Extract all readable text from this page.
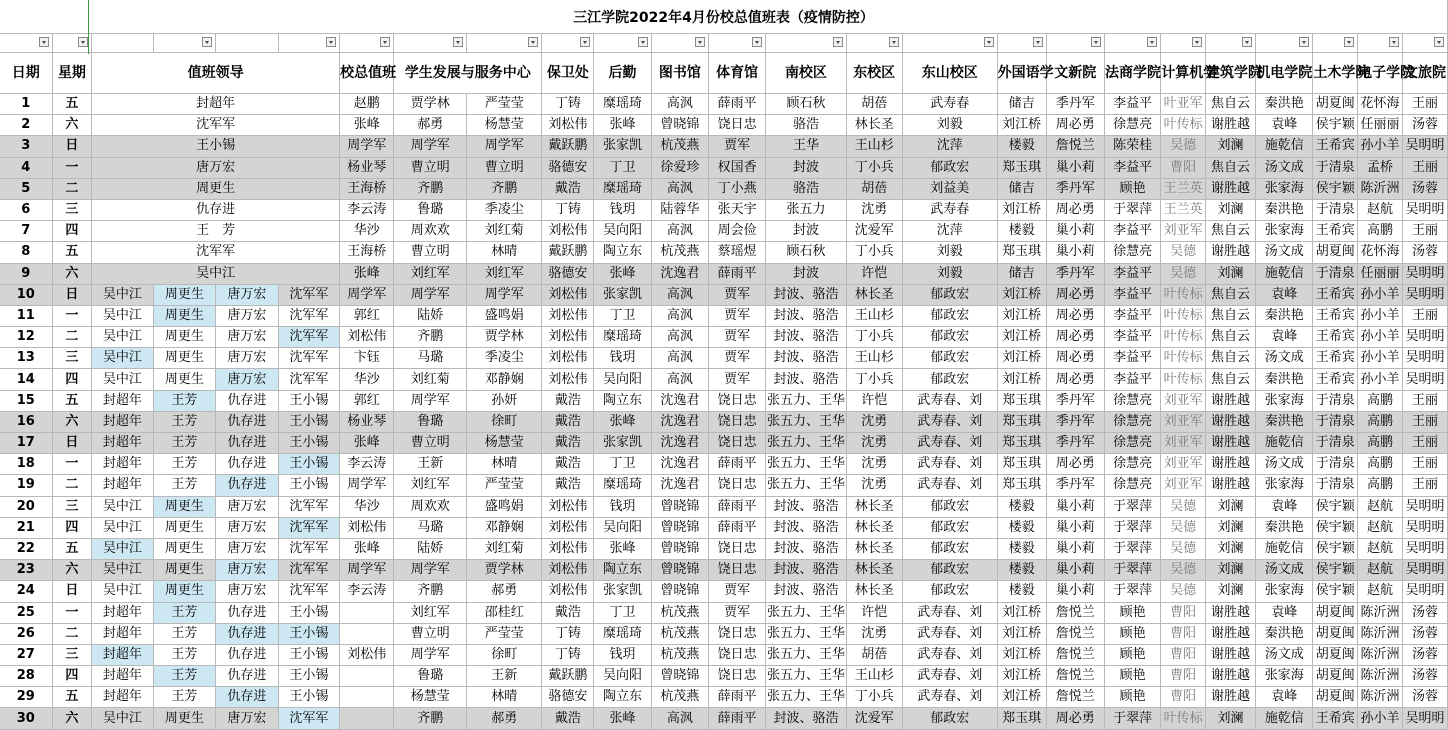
三江学院2022年4月份校总值班表（疫情防控）																								

日期	星期	值班领导				校总值班	学生发展与服务中心		保卫处	后勤	图书馆	体育馆	南校区	东校区	东山校区	外国语学	文新院	法商学院	计算机学	建筑学院	机电学院	土木学院	电子学院	文旅院
1	五	封超年				赵鹏	贾学林	严莹莹	丁铸	糜瑶琦	高沨	薛雨平	顾石秋	胡蓓	武寿春	储吉	季丹军	李益平	叶亚军	焦自云	秦洪艳	胡夏闽	花怀海	王丽
2	六	沈军军				张峰	郝勇	杨慧莹	刘松伟	张峰	曾晓锦	饶日忠	骆浩	林长圣	刘毅	刘江桥	周必勇	徐慧亮	叶传标	谢胜越	袁峰	侯宇颖	任丽丽	汤蓉
3	日	王小锡				周学军	周学军	周学军	戴跃鹏	张家凯	杭茂燕	贾军	王华	王山杉	沈萍	楼毅	詹悦兰	陈荣桂	吴德	刘澜	施乾信	王希宾	孙小羊	吴明明
4	一	唐万宏				杨业琴	曹立明	曹立明	骆德安	丁卫	徐爱珍	权国香	封波	丁小兵	郁政宏	郑玉琪	巢小莉	李益平	曹阳	焦自云	汤文成	于清泉	孟桥	王丽
5	二	周更生				王海桥	齐鹏	齐鹏	戴浩	糜瑶琦	高沨	丁小燕	骆浩	胡蓓	刘益美	储吉	季丹军	顾艳	王兰英	谢胜越	张家海	侯宇颖	陈沂洲	汤蓉
6	三	仇存进				李云涛	鲁璐	季凌尘	丁铸	钱玥	陆蓉华	张天宇	张五力	沈勇	武寿春	刘江桥	周必勇	于翠萍	王兰英	刘澜	秦洪艳	于清泉	赵航	吴明明
7	四	王　芳				华沙	周欢欢	刘红菊	刘松伟	吴向阳	高沨	周会俭	封波	沈爱军	沈萍	楼毅	巢小莉	李益平	刘亚军	焦自云	张家海	王希宾	高鹏	王丽
8	五	沈军军				王海桥	曹立明	林晴	戴跃鹏	陶立东	杭茂燕	蔡瑶煜	顾石秋	丁小兵	刘毅	郑玉琪	巢小莉	徐慧亮	吴德	谢胜越	汤文成	胡夏闽	花怀海	汤蓉
9	六	吴中江				张峰	刘红军	刘红军	骆德安	张峰	沈逸君	薛雨平	封波	许恺	刘毅	储吉	季丹军	李益平	吴德	刘澜	施乾信	于清泉	任丽丽	吴明明
10	日	吴中江	周更生	唐万宏	沈军军	周学军	周学军	周学军	刘松伟	张家凯	高沨	贾军	封波、骆浩	林长圣	郁政宏	刘江桥	周必勇	李益平	叶传标	焦自云	袁峰	王希宾	孙小羊	吴明明
11	一	吴中江	周更生	唐万宏	沈军军	郭红	陆娇	盛鸣娟	刘松伟	丁卫	高沨	贾军	封波、骆浩	王山杉	郁政宏	刘江桥	周必勇	李益平	叶传标	焦自云	秦洪艳	王希宾	孙小羊	王丽
12	二	吴中江	周更生	唐万宏	沈军军	刘松伟	齐鹏	贾学林	刘松伟	糜瑶琦	高沨	贾军	封波、骆浩	丁小兵	郁政宏	刘江桥	周必勇	李益平	叶传标	焦自云	袁峰	王希宾	孙小羊	吴明明
13	三	吴中江	周更生	唐万宏	沈军军	卞钰	马璐	季凌尘	刘松伟	钱玥	高沨	贾军	封波、骆浩	王山杉	郁政宏	刘江桥	周必勇	李益平	叶传标	焦自云	汤文成	王希宾	孙小羊	吴明明
14	四	吴中江	周更生	唐万宏	沈军军	华沙	刘红菊	邓静娴	刘松伟	吴向阳	高沨	贾军	封波、骆浩	丁小兵	郁政宏	刘江桥	周必勇	李益平	叶传标	焦自云	秦洪艳	王希宾	孙小羊	吴明明
15	五	封超年	王芳	仇存进	王小锡	郭红	周学军	孙妍	戴浩	陶立东	沈逸君	饶日忠	张五力、王华	许恺	武寿春、刘	郑玉琪	季丹军	徐慧亮	刘亚军	谢胜越	张家海	于清泉	高鹏	王丽
16	六	封超年	王芳	仇存进	王小锡	杨业琴	鲁璐	徐町	戴浩	张峰	沈逸君	饶日忠	张五力、王华	沈勇	武寿春、刘	郑玉琪	季丹军	徐慧亮	刘亚军	谢胜越	秦洪艳	于清泉	高鹏	王丽
17	日	封超年	王芳	仇存进	王小锡	张峰	曹立明	杨慧莹	戴浩	张家凯	沈逸君	饶日忠	张五力、王华	沈勇	武寿春、刘	郑玉琪	季丹军	徐慧亮	刘亚军	谢胜越	施乾信	于清泉	高鹏	王丽
18	一	封超年	王芳	仇存进	王小锡	李云涛	王新	林晴	戴浩	丁卫	沈逸君	薛雨平	张五力、王华	沈勇	武寿春、刘	郑玉琪	周必勇	徐慧亮	刘亚军	谢胜越	汤文成	于清泉	高鹏	王丽
19	二	封超年	王芳	仇存进	王小锡	周学军	刘红军	严莹莹	戴浩	糜瑶琦	沈逸君	饶日忠	张五力、王华	沈勇	武寿春、刘	郑玉琪	季丹军	徐慧亮	刘亚军	谢胜越	张家海	于清泉	高鹏	王丽
20	三	吴中江	周更生	唐万宏	沈军军	华沙	周欢欢	盛鸣娟	刘松伟	钱玥	曾晓锦	薛雨平	封波、骆浩	林长圣	郁政宏	楼毅	巢小莉	于翠萍	吴德	刘澜	袁峰	侯宇颖	赵航	吴明明
21	四	吴中江	周更生	唐万宏	沈军军	刘松伟	马璐	邓静娴	刘松伟	吴向阳	曾晓锦	薛雨平	封波、骆浩	林长圣	郁政宏	楼毅	巢小莉	于翠萍	吴德	刘澜	秦洪艳	侯宇颖	赵航	吴明明
22	五	吴中江	周更生	唐万宏	沈军军	张峰	陆娇	刘红菊	刘松伟	张峰	曾晓锦	饶日忠	封波、骆浩	林长圣	郁政宏	楼毅	巢小莉	于翠萍	吴德	刘澜	施乾信	侯宇颖	赵航	吴明明
23	六	吴中江	周更生	唐万宏	沈军军	周学军	周学军	贾学林	刘松伟	陶立东	曾晓锦	饶日忠	封波、骆浩	林长圣	郁政宏	楼毅	巢小莉	于翠萍	吴德	刘澜	汤文成	侯宇颖	赵航	吴明明
24	日	吴中江	周更生	唐万宏	沈军军	李云涛	齐鹏	郝勇	刘松伟	张家凯	曾晓锦	贾军	封波、骆浩	林长圣	郁政宏	楼毅	巢小莉	于翠萍	吴德	刘澜	张家海	侯宇颖	赵航	吴明明
25	一	封超年	王芳	仇存进	王小锡		刘红军	邵桂红	戴浩	丁卫	杭茂燕	贾军	张五力、王华	许恺	武寿春、刘	刘江桥	詹悦兰	顾艳	曹阳	谢胜越	袁峰	胡夏闽	陈沂洲	汤蓉
26	二	封超年	王芳	仇存进	王小锡		曹立明	严莹莹	丁铸	糜瑶琦	杭茂燕	饶日忠	张五力、王华	沈勇	武寿春、刘	刘江桥	詹悦兰	顾艳	曹阳	谢胜越	秦洪艳	胡夏闽	陈沂洲	汤蓉
27	三	封超年	王芳	仇存进	王小锡	刘松伟	周学军	徐町	丁铸	钱玥	杭茂燕	饶日忠	张五力、王华	胡蓓	武寿春、刘	刘江桥	詹悦兰	顾艳	曹阳	谢胜越	汤文成	胡夏闽	陈沂洲	汤蓉
28	四	封超年	王芳	仇存进	王小锡		鲁璐	王新	戴跃鹏	吴向阳	曾晓锦	饶日忠	张五力、王华	王山杉	武寿春、刘	刘江桥	詹悦兰	顾艳	曹阳	谢胜越	张家海	胡夏闽	陈沂洲	汤蓉
29	五	封超年	王芳	仇存进	王小锡		杨慧莹	林晴	骆德安	陶立东	杭茂燕	薛雨平	张五力、王华	丁小兵	武寿春、刘	刘江桥	詹悦兰	顾艳	曹阳	谢胜越	袁峰	胡夏闽	陈沂洲	汤蓉
30	六	吴中江	周更生	唐万宏	沈军军		齐鹏	郝勇	戴浩	张峰	高沨	薛雨平	封波、骆浩	沈爱军	郁政宏	郑玉琪	周必勇	于翠萍	叶传标	刘澜	施乾信	王希宾	孙小羊	吴明明
